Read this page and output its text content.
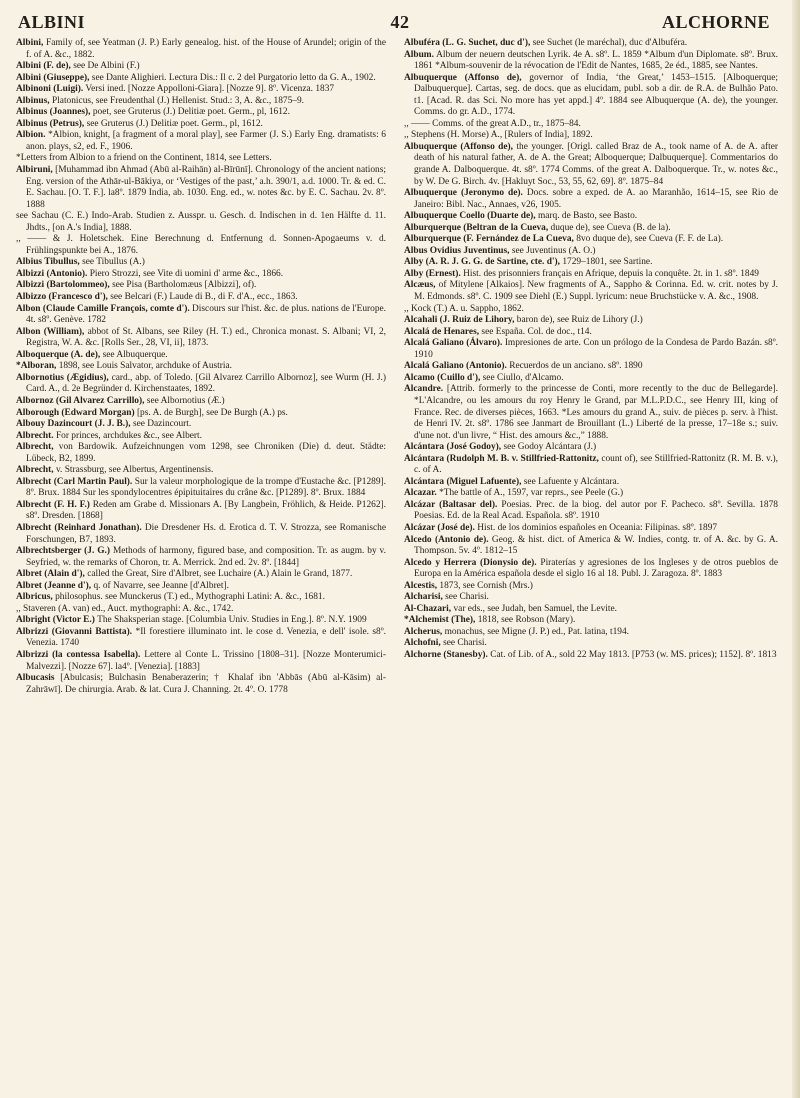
ALBINI	42	ALCHORNE

Albini, Family of, see Yeatman (J. P.) Early genealog. hist. of the House of Arundel; origin of the f. of A. &c., 1882.

Albini (F. de), see De Albini (F.)

Albini (Giuseppe), see Dante Alighieri. Lectura Dis.: Il c. 2 del Purgatorio letto da G. A., 1902.

Albinoni (Luigi). Versi ined. [Nozze Appolloni-Giara]. [Nozze 9]. 8º. Vicenza. 1837

Albinus, Platonicus, see Freudenthal (J.) Hellenist. Stud.: 3, A. &c., 1875–9.

Albinus (Joannes), poet, see Gruterus (J.) Delitiæ poet. Germ., pl, 1612.

Albinus (Petrus), see Gruterus (J.) Delitiæ poet. Germ., pl, 1612.

Albion. *Albion, knight, [a fragment of a moral play], see Farmer (J. S.) Early Eng. dramatists: 6 anon. plays, s2, ed. F., 1906.

*Letters from Albion to a friend on the Continent, 1814, see Letters.

Albiruni, [Muhammad ibn Ahmad (Abū al-Raihān) al-Bīrūnī]. Chronology of the ancient nations; Eng. version of the Athār-ul-Bākiya, or ‘Vestiges of the past,’ a.h. 390/1, a.d. 1000. Tr. & ed. C. E. Sachau. [O. T. F.]. la8º. 1879 India, ab. 1030. Eng. ed., w. notes &c. by E. C. Sachau. 2v. 8º. 1888

see Sachau (C. E.) Indo-Arab. Studien z. Ausspr. u. Gesch. d. Indischen in d. 1en Hälfte d. 11. Jhdts., [on A.'s India], 1888.

,, —— & J. Holetschek. Eine Berechnung d. Entfernung d. Sonnen-Apogaeums v. d. Frühlingspunkte bei A., 1876.

Albius Tibullus, see Tibullus (A.)

Albizzi (Antonio). Piero Strozzi, see Vite di uomini d' arme &c., 1866.

Albizzi (Bartolommeo), see Pisa (Bartholomæus [Albizzi], of).

Albizzo (Francesco d'), see Belcari (F.) Laude di B., di F. d'A., ecc., 1863.

Albon (Claude Camille François, comte d'). Discours sur l'hist. &c. de plus. nations de l'Europe. 4t. s8º. Genève. 1782

Albon (William), abbot of St. Albans, see Riley (H. T.) ed., Chronica monast. S. Albani; VI, 2, Registra, W. A. &c. [Rolls Ser., 28, VI, ii], 1873.

Alboquerque (A. de), see Albuquerque.

*Alboran, 1898, see Louis Salvator, archduke of Austria.

Albornotius (Ægidius), card., abp. of Toledo. [Gil Alvarez Carrillo Albornoz], see Wurm (H. J.) Card. A., d. 2e Begründer d. Kirchenstaates, 1892.

Albornoz (Gil Alvarez Carrillo), see Albornotius (Æ.)

Alborough (Edward Morgan) [ps. A. de Burgh], see De Burgh (A.) ps.

Albouy Dazincourt (J. J. B.), see Dazincourt.

Albrecht. For princes, archdukes &c., see Albert.

Albrecht, von Bardowik. Aufzeichnungen vom 1298, see Chroniken (Die) d. deut. Städte: Lübeck, B2, 1899.

Albrecht, v. Strassburg, see Albertus, Argentinensis.

Albrecht (Carl Martin Paul). Sur la valeur morphologique de la trompe d'Eustache &c. [P1289]. 8º. Brux. 1884 Sur les spondylocentres épipituitaires du crâne &c. [P1289]. 8º. Brux. 1884

Albrecht (F. H. F.) Reden am Grabe d. Missionars A. [By Langbein, Fröhlich, & Heide. P1262]. s8º. Dresden. [1868]

Albrecht (Reinhard Jonathan). Die Dresdener Hs. d. Erotica d. T. V. Strozza, see Romanische Forschungen, B7, 1893.

Albrechtsberger (J. G.) Methods of harmony, figured base, and composition. Tr. as augm. by v. Seyfried, w. the remarks of Choron, tr. A. Merrick. 2nd ed. 2v. 8º. [1844]

Albret (Alain d'), called the Great, Sire d'Albret, see Luchaire (A.) Alain le Grand, 1877.

Albret (Jeanne d'), q. of Navarre, see Jeanne [d'Albret].

Albricus, philosophus. see Munckerus (T.) ed., Mythographi Latini: A. &c., 1681.

,, Staveren (A. van) ed., Auct. mythographi: A. &c., 1742.

Albright (Victor E.) The Shaksperian stage. [Columbia Univ. Studies in Eng.]. 8º. N.Y. 1909

Albrizzi (Giovanni Battista). *Il forestiere illuminato int. le cose d. Venezia, e dell' isole. s8º. Venezia. 1740

Albrizzi (la contessa Isabella). Lettere al Conte L. Trissino [1808–31]. [Nozze Monterumici-Malvezzi]. [Nozze 67]. la4º. [Venezia]. [1883]

Albucasis [Abulcasis; Bulchasin Benaberazerin; † Khalaf ibn 'Abbās (Abū al-Kāsim) al-Zahrāwī]. De chirurgia. Arab. & lat. Cura J. Channing. 2t. 4º. O. 1778

Albuféra (L. G. Suchet, duc d'), see Suchet (le maréchal), duc d'Albuféra.

Album. Album der neuern deutschen Lyrik. 4e A. s8º. L. 1859 *Album d'un Diplomate. s8º. Brux. 1861 *Album-souvenir de la révocation de l'Edit de Nantes, 1685, 2e éd., 1885, see Nantes.

Albuquerque (Affonso de), governor of India, ‘the Great,’ 1453–1515. [Alboquerque; Dalbuquerque]. Cartas, seg. de docs. que as elucidam, publ. sob a dir. de R.A. de Bulhão Pato. t1. [Acad. R. das Sci. No more has yet appd.] 4º. 1884 see Albuquerque (A. de), the younger. Comms. do gr. A.D., 1774.

,, —— Comms. of the great A.D., tr., 1875–84.

,, Stephens (H. Morse) A., [Rulers of India], 1892.

Albuquerque (Affonso de), the younger. [Origl. called Braz de A., took name of A. de A. after death of his natural father, A. de A. the Great; Alboquerque; Dalbuquerque]. Commentarios do grande A. Dalboquerque. 4t. s8º. 1774 Comms. of the great A. Dalboquerque. Tr., w. notes &c., by W. De G. Birch. 4v. [Hakluyt Soc., 53, 55, 62, 69]. 8º. 1875–84

Albuquerque (Jeronymo de). Docs. sobre a exped. de A. ao Maranhão, 1614–15, see Rio de Janeiro: Bibl. Nac., Annaes, v26, 1905.

Albuquerque Coello (Duarte de), marq. de Basto, see Basto.

Alburquerque (Beltran de la Cueva, duque de), see Cueva (B. de la).

Alburquerque (F. Fernández de La Cueva, 8vo duque de), see Cueva (F. F. de La).

Albus Ovidius Juventinus, see Juventinus (A. O.)

Alby (A. R. J. G. G. de Sartine, cte. d'), 1729–1801, see Sartine.

Alby (Ernest). Hist. des prisonniers français en Afrique, depuis la conquête. 2t. in 1. s8º. 1849

Alcæus, of Mitylene [Alkaios]. New fragments of A., Sappho & Corinna. Ed. w. crit. notes by J. M. Edmonds. s8º. C. 1909 see Diehl (E.) Suppl. lyricum: neue Bruchstücke v. A. &c., 1908.

,, Kock (T.) A. u. Sappho, 1862.

Alcahali (J. Ruiz de Lihory, baron de), see Ruiz de Lihory (J.)

Alcalá de Henares, see España. Col. de doc., t14.

Alcalá Galiano (Álvaro). Impresiones de arte. Con un prólogo de la Condesa de Pardo Bazán. s8º. 1910

Alcalá Galiano (Antonio). Recuerdos de un anciano. s8º. 1890

Alcamo (Cuillo d'), see Ciullo, d'Alcamo.

Alcandre. [Attrib. formerly to the princesse de Conti, more recently to the duc de Bellegarde]. *L'Alcandre, ou les amours du roy Henry le Grand, par M.L.P.D.C., see Henry III, king of France. Rec. de diverses pièces, 1663. *Les amours du grand A., suiv. de pièces p. serv. à l'hist. de Henri IV. 2t. s8º. 1786 see Janmart de Brouillant (L.) Liberté de la presse, 17–18e s.; suiv. d'une not. d'un livre, “ Hist. des amours &c.,” 1888.

Alcántara (José Godoy), see Godoy Alcántara (J.)

Alcántara (Rudolph M. B. v. Stillfried-Rattonitz, count of), see Stillfried-Rattonitz (R. M. B. v.), c. of A.

Alcántara (Miguel Lafuente), see Lafuente y Alcántara.

Alcazar. *The battle of A., 1597, var reprs., see Peele (G.)

Alcázar (Baltasar del). Poesias. Prec. de la biog. del autor por F. Pacheco. s8º. Sevilla. 1878 Poesias. Ed. de la Real Acad. Española. s8º. 1910

Alcázar (José de). Hist. de los dominios españoles en Oceania: Filipinas. s8º. 1897

Alcedo (Antonio de). Geog. & hist. dict. of America & W. Indies, contg. tr. of A. &c. by G. A. Thompson. 5v. 4º. 1812–15

Alcedo y Herrera (Dionysio de). Piraterías y agresiones de los Ingleses y de otros pueblos de Europa en la América española desde el siglo 16 al 18. Publ. J. Zaragoza. 8º. 1883

Alcestis, 1873, see Cornish (Mrs.)

Alcharisi, see Charisi.

Al-Chazari, var eds., see Judah, ben Samuel, the Levite.

*Alchemist (The), 1818, see Robson (Mary).

Alcherus, monachus, see Migne (J. P.) ed., Pat. latina, t194.

Alchofni, see Charisi.

Alchorne (Stanesby). Cat. of Lib. of A., sold 22 May 1813. [P753 (w. MS. prices); 1152]. 8º. 1813
